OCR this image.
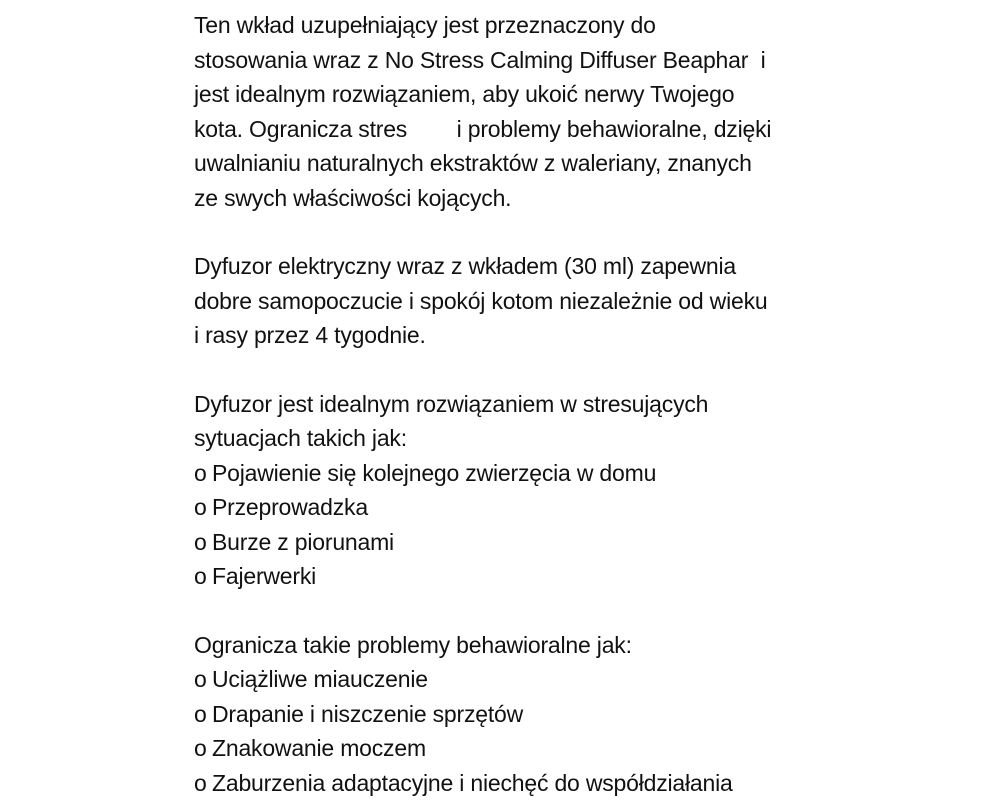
Ten wkład uzupełniający jest przeznaczony do
stosowania wraz z No Stress Calming Diffuser Beaphar  i
jest idealnym rozwiązaniem, aby ukoić nerwy Twojego
kota. Ogranicza stres        i problemy behawioralne, dzięki
uwalnianiu naturalnych ekstraktów z waleriany, znanych
ze swych właściwości kojących.
Dyfuzor elektryczny wraz z wkładem (30 ml) zapewnia
dobre samopoczucie i spokój kotom niezależnie od wieku
i rasy przez 4 tygodnie.
Dyfuzor jest idealnym rozwiązaniem w stresujących
sytuacjach takich jak:
o Pojawienie się kolejnego zwierzęcia w domu
o Przeprowadzka
o Burze z piorunami
o Fajerwerki
Ogranicza takie problemy behawioralne jak:
o Uciążliwe miauczenie
o Drapanie i niszczenie sprzętów
o Znakowanie moczem
o Zaburzenia adaptacyjne i niechęć do współdziałania
